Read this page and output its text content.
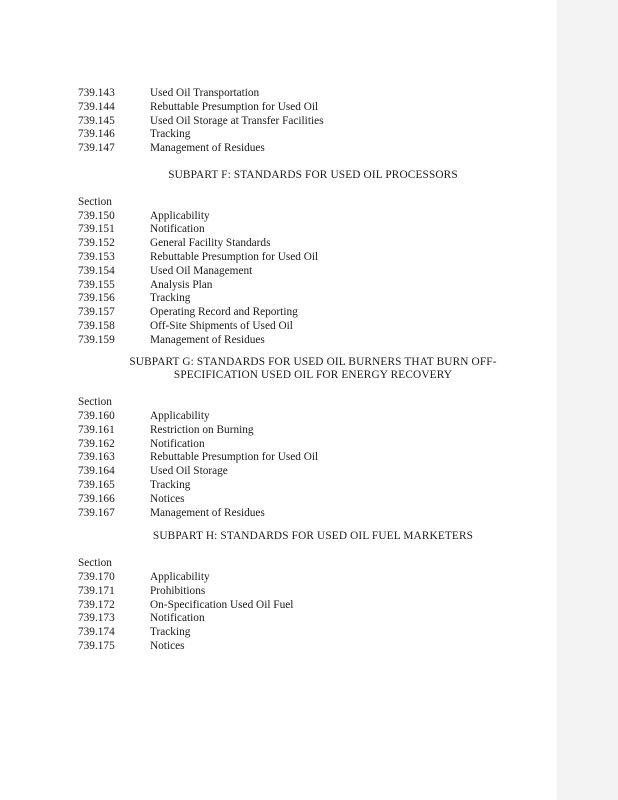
739.143	Used Oil Transportation
739.144	Rebuttable Presumption for Used Oil
739.145	Used Oil Storage at Transfer Facilities
739.146	Tracking
739.147	Management of Residues
SUBPART F: STANDARDS FOR USED OIL PROCESSORS
Section
739.150	Applicability
739.151	Notification
739.152	General Facility Standards
739.153	Rebuttable Presumption for Used Oil
739.154	Used Oil Management
739.155	Analysis Plan
739.156	Tracking
739.157	Operating Record and Reporting
739.158	Off-Site Shipments of Used Oil
739.159	Management of Residues
SUBPART G: STANDARDS FOR USED OIL BURNERS THAT BURN OFF-
SPECIFICATION USED OIL FOR ENERGY RECOVERY
Section
739.160	Applicability
739.161	Restriction on Burning
739.162	Notification
739.163	Rebuttable Presumption for Used Oil
739.164	Used Oil Storage
739.165	Tracking
739.166	Notices
739.167	Management of Residues
SUBPART H: STANDARDS FOR USED OIL FUEL MARKETERS
Section
739.170	Applicability
739.171	Prohibitions
739.172	On-Specification Used Oil Fuel
739.173	Notification
739.174	Tracking
739.175	Notices
